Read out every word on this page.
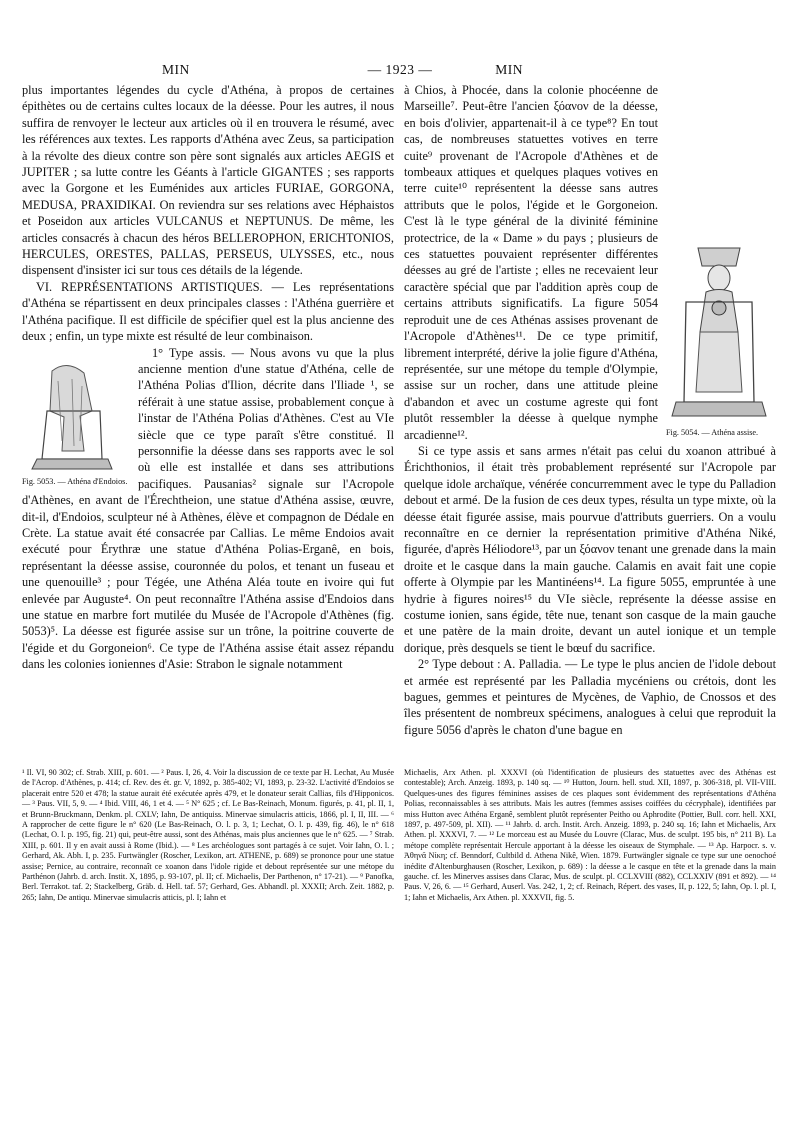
MIN	— 1923 —	MIN

plus importantes légendes du cycle d'Athéna, à propos de certaines épithètes ou de certains cultes locaux de la déesse. Pour les autres, il nous suffira de renvoyer le lecteur aux articles où il en trouvera le résumé, avec les références aux textes. Les rapports d'Athéna avec Zeus, sa participation à la révolte des dieux contre son père sont signalés aux articles AEGIS et JUPITER ; sa lutte contre les Géants à l'article GIGANTES ; ses rapports avec la Gorgone et les Euménides aux articles FURIAE, GORGONA, MEDUSA, PRAXIDIKAI. On reviendra sur ses relations avec Héphaistos et Poseidon aux articles VULCANUS et NEPTUNUS. De même, les articles consacrés à chacun des héros BELLEROPHON, ERICHTONIOS, HERCULES, ORESTES, PALLAS, PERSEUS, ULYSSES, etc., nous dispensent d'insister ici sur tous ces détails de la légende.

VI. REPRÉSENTATIONS ARTISTIQUES. — Les représentations d'Athéna se répartissent en deux principales classes : l'Athéna guerrière et l'Athéna pacifique. Il est difficile de spécifier quel est la plus ancienne des deux ; enfin, un type mixte est résulté de leur combinaison.

Fig. 5053. — Athéna d'Endoios.

1° Type assis. — Nous avons vu que la plus ancienne mention d'une statue d'Athéna, celle de l'Athéna Polias d'Ilion, décrite dans l'Iliade ¹, se référait à une statue assise, probablement conçue à l'instar de l'Athéna Polias d'Athènes. C'est au VIe siècle que ce type paraît s'être constitué. Il personnifie la déesse dans ses rapports avec le sol où elle est installée et dans ses attributions pacifiques. Pausanias² signale sur l'Acropole d'Athènes, en avant de l'Érechtheion, une statue d'Athéna assise, œuvre, dit-il, d'Endoios, sculpteur né à Athènes, élève et compagnon de Dédale en Crète. La statue avait été consacrée par Callias. Le même Endoios avait exécuté pour Érythræ une statue d'Athéna Polias-Erganê, en bois, représentant la déesse assise, couronnée du polos, et tenant un fuseau et une quenouille³ ; pour Tégée, une Athéna Aléa toute en ivoire qui fut enlevée par Auguste⁴. On peut reconnaître l'Athéna assise d'Endoios dans une statue en marbre fort mutilée du Musée de l'Acropole d'Athènes (fig. 5053)⁵. La déesse est figurée assise sur un trône, la poitrine couverte de l'égide et du Gorgoneion⁶. Ce type de l'Athéna assise était assez répandu dans les colonies ioniennes d'Asie: Strabon le signale notamment

Fig. 5054. — Athéna assise.

à Chios, à Phocée, dans la colonie phocéenne de Marseille⁷. Peut-être l'ancien ξόανον de la déesse, en bois d'olivier, appartenait-il à ce type⁸? En tout cas, de nombreuses statuettes votives en terre cuite⁹ provenant de l'Acropole d'Athènes et de tombeaux attiques et quelques plaques votives en terre cuite¹⁰ représentent la déesse sans autres attributs que le polos, l'égide et le Gorgoneion. C'est là le type général de la divinité féminine protectrice, de la « Dame » du pays ; plusieurs de ces statuettes pouvaient représenter différentes déesses au gré de l'artiste ; elles ne recevaient leur caractère spécial que par l'addition après coup de certains attributs significatifs. La figure 5054 reproduit une de ces Athénas assises provenant de l'Acropole d'Athènes¹¹. De ce type primitif, librement interprété, dérive la jolie figure d'Athéna, représentée, sur une métope du temple d'Olympie, assise sur un rocher, dans une attitude pleine d'abandon et avec un costume agreste qui font plutôt ressembler la déesse à quelque nymphe arcadienne¹².

Si ce type assis et sans armes n'était pas celui du xoanon attribué à Érichthonios, il était très probablement représenté sur l'Acropole par quelque idole archaïque, vénérée concurremment avec le type du Palladion debout et armé. De la fusion de ces deux types, résulta un type mixte, où la déesse était figurée assise, mais pourvue d'attributs guerriers. On a voulu reconnaître en ce dernier la représentation primitive d'Athéna Niké, figurée, d'après Héliodore¹³, par un ξόανον tenant une grenade dans la main droite et le casque dans la main gauche. Calamis en avait fait une copie offerte à Olympie par les Mantinéens¹⁴. La figure 5055, empruntée à une hydrie à figures noires¹⁵ du VIe siècle, représente la déesse assise en costume ionien, sans égide, tête nue, tenant son casque de la main gauche et une patère de la main droite, devant un autel ionique et un temple dorique, près desquels se tient le bœuf du sacrifice.

2° Type debout : A. Palladia. — Le type le plus ancien de l'idole debout et armée est représenté par les Palladia mycéniens ou crétois, dont les bagues, gemmes et peintures de Mycènes, de Vaphio, de Cnossos et des îles présentent de nombreux spécimens, analogues à celui que reproduit la figure 5056 d'après le chaton d'une bague en

¹ Il. VI, 90 302; cf. Strab. XIII, p. 601. — ² Paus. I, 26, 4. Voir la discussion de ce texte par H. Lechat, Au Musée de l'Acrop. d'Athènes, p. 414; cf. Rev. des ét. gr. V, 1892, p. 385-402; VI, 1893, p. 23-32. L'activité d'Endoios se placerait entre 520 et 478; la statue aurait été exécutée après 479, et le donateur serait Callias, fils d'Hipponicos. — ³ Paus. VII, 5, 9. — ⁴ Ibid. VIII, 46, 1 et 4. — ⁵ N° 625 ; cf. Le Bas-Reinach, Monum. figurés, p. 41, pl. II, 1, et Brunn-Bruckmann, Denkm. pl. CXLV; Iahn, De antiquiss. Minervae simulacris atticis, 1866, pl. I, II, III. — ⁶ A rapprocher de cette figure le n° 620 (Le Bas-Reinach, O. l. p. 3, 1; Lechat, O. l. p. 439, fig. 46), le n° 618 (Lechat, O. l. p. 195, fig. 21) qui, peut-être aussi, sont des Athénas, mais plus anciennes que le n° 625. — ⁷ Strab. XIII, p. 601. Il y en avait aussi à Rome (Ibid.). — ⁸ Les archéologues sont partagés à ce sujet. Voir Iahn, O. l. ; Gerhard, Ak. Abh. I, p. 235. Furtwängler (Roscher, Lexikon, art. ATHENE, p. 689) se prononce pour une statue assise; Pernice, au contraire, reconnaît ce xoanon dans l'idole rigide et debout représentée sur une métope du Parthénon (Jahrb. d. arch. Instit. X, 1895, p. 93-107, pl. II; cf. Michaelis, Der Parthenon, n° 17-21). — ⁹ Panofka, Berl. Terrakot. taf. 2; Stackelberg, Gräb. d. Hell. taf. 57; Gerhard, Ges. Abhandl. pl. XXXII; Arch. Zeit. 1882, p. 265; Iahn, De antiqu. Minervae simulacris atticis, pl. I; Iahn et

Michaelis, Arx Athen. pl. XXXVI (où l'identification de plusieurs des statuettes avec des Athénas est contestable); Arch. Anzeig. 1893, p. 140 sq. — ¹⁰ Hutton, Journ. hell. stud. XII, 1897, p. 306-318, pl. VII-VIII. Quelques-unes des figures féminines assises de ces plaques sont évidemment des représentations d'Athéna Polias, reconnaissables à ses attributs. Mais les autres (femmes assises coiffées du cécryphale), identifiées par miss Hutton avec Athéna Erganê, semblent plutôt représenter Peitho ou Aphrodite (Pottier, Bull. corr. hell. XXI, 1897, p. 497-509, pl. XII). — ¹¹ Jahrb. d. arch. Instit. Arch. Anzeig. 1893, p. 240 sq. 16; Iahn et Michaelis, Arx Athen. pl. XXXVI, 7. — ¹² Le morceau est au Musée du Louvre (Clarac, Mus. de sculpt. 195 bis, n° 211 B). La métope complète représentait Hercule apportant à la déesse les oiseaux de Stymphale. — ¹³ Ap. Harpocr. s. v. Ἀθηνᾶ Νίκη; cf. Benndorf, Cultbild d. Athena Nikê, Wien. 1879. Furtwängler signale ce type sur une oenochoé inédite d'Altenburghausen (Roscher, Lexikon, p. 689) : la déesse a le casque en tête et la grenade dans la main gauche. cf. les Minerves assises dans Clarac, Mus. de sculpt. pl. CCLXVIII (882), CCLXXIV (891 et 892). — ¹⁴ Paus. V, 26, 6. — ¹⁵ Gerhard, Auserl. Vas. 242, 1, 2; cf. Reinach, Répert. des vases, II, p. 122, 5; Iahn, Op. l. pl. I, 1; Iahn et Michaelis, Arx Athen. pl. XXXVII, fig. 5.
